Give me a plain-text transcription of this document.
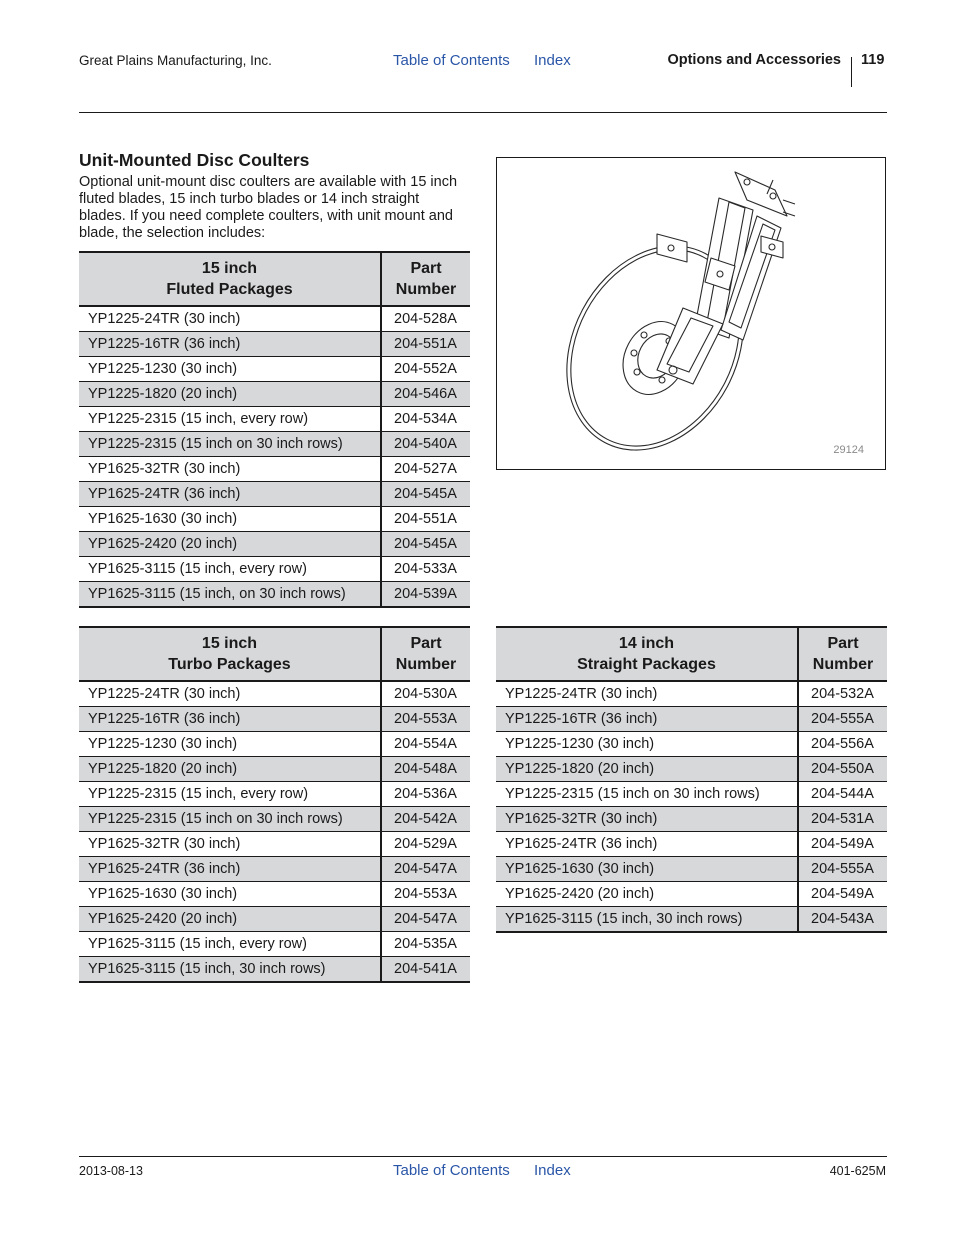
Great Plains Manufacturing, Inc.	Table of Contents Index	Options and Accessories 119
Unit-Mounted Disc Coulters
Optional unit-mount disc coulters are available with 15 inch fluted blades, 15 inch turbo blades or 14 inch straight blades. If you need complete coulters, with unit mount and blade, the selection includes:
29124
15 inch
Fluted Packages	Part
Number
YP1225-24TR (30 inch)	204-528A
YP1225-16TR (36 inch)	204-551A
YP1225-1230 (30 inch)	204-552A
YP1225-1820 (20 inch)	204-546A
YP1225-2315 (15 inch, every row)	204-534A
YP1225-2315 (15 inch on 30 inch rows)	204-540A
YP1625-32TR (30 inch)	204-527A
YP1625-24TR (36 inch)	204-545A
YP1625-1630 (30 inch)	204-551A
YP1625-2420 (20 inch)	204-545A
YP1625-3115 (15 inch, every row)	204-533A
YP1625-3115 (15 inch, on 30 inch rows)	204-539A
15 inch
Turbo Packages	Part
Number
YP1225-24TR (30 inch)	204-530A
YP1225-16TR (36 inch)	204-553A
YP1225-1230 (30 inch)	204-554A
YP1225-1820 (20 inch)	204-548A
YP1225-2315 (15 inch, every row)	204-536A
YP1225-2315 (15 inch on 30 inch rows)	204-542A
YP1625-32TR (30 inch)	204-529A
YP1625-24TR (36 inch)	204-547A
YP1625-1630 (30 inch)	204-553A
YP1625-2420 (20 inch)	204-547A
YP1625-3115 (15 inch, every row)	204-535A
YP1625-3115 (15 inch, 30 inch rows)	204-541A
14 inch
Straight Packages	Part
Number
YP1225-24TR (30 inch)	204-532A
YP1225-16TR (36 inch)	204-555A
YP1225-1230 (30 inch)	204-556A
YP1225-1820 (20 inch)	204-550A
YP1225-2315 (15 inch on 30 inch rows)	204-544A
YP1625-32TR (30 inch)	204-531A
YP1625-24TR (36 inch)	204-549A
YP1625-1630 (30 inch)	204-555A
YP1625-2420 (20 inch)	204-549A
YP1625-3115 (15 inch, 30 inch rows)	204-543A
2013-08-13	Table of Contents Index	401-625M
